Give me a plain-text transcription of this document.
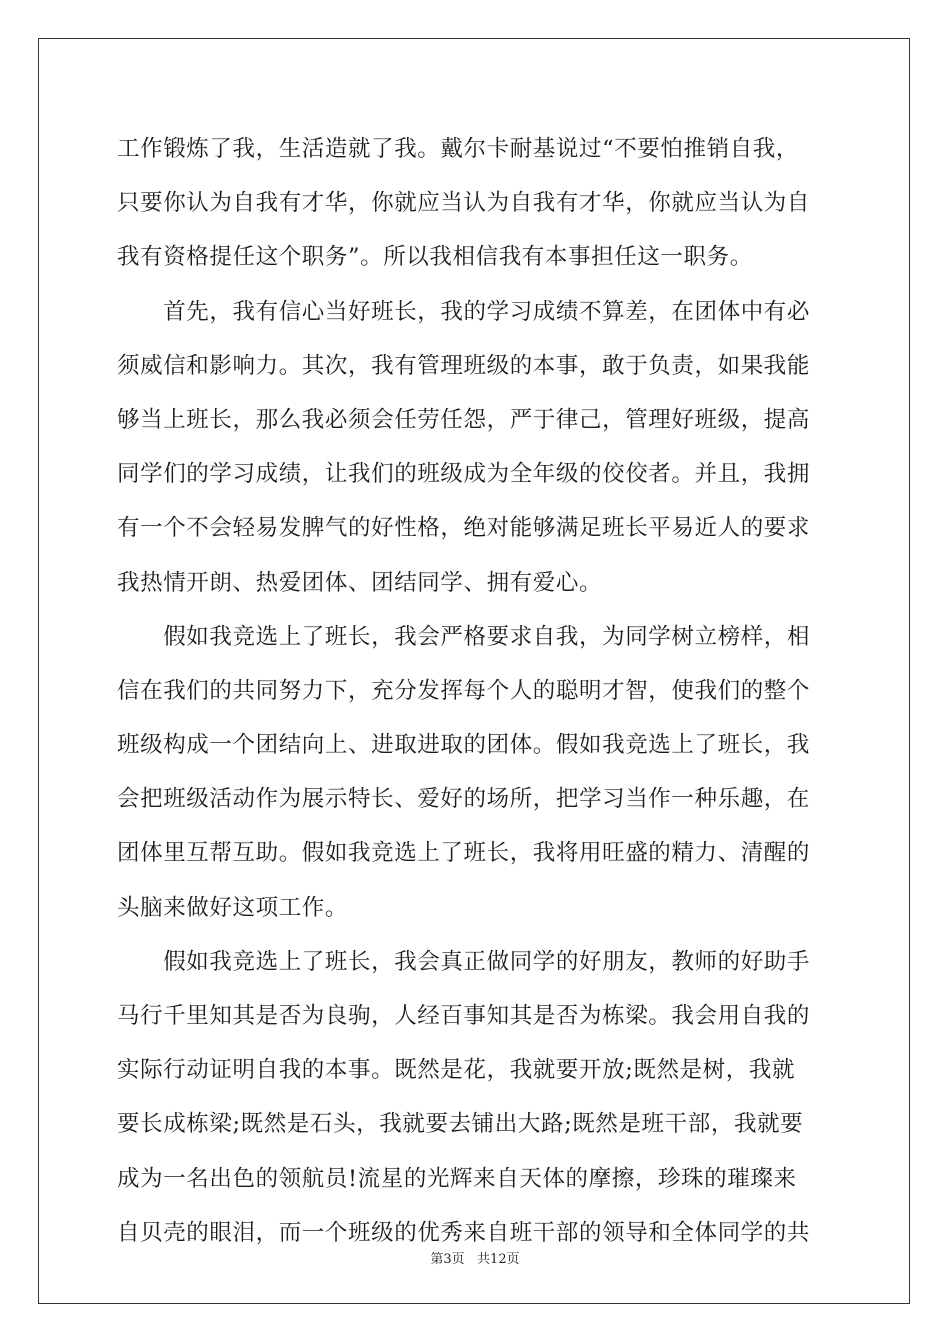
工作锻炼了我，生活造就了我。戴尔卡耐基说过“不要怕推销自我，
只要你认为自我有才华，你就应当认为自我有才华，你就应当认为自
我有资格提任这个职务”。所以我相信我有本事担任这一职务。
　　首先，我有信心当好班长，我的学习成绩不算差，在团体中有必
须威信和影响力。其次，我有管理班级的本事，敢于负责，如果我能
够当上班长，那么我必须会任劳任怨，严于律己，管理好班级，提高
同学们的学习成绩，让我们的班级成为全年级的佼佼者。并且，我拥
有一个不会轻易发脾气的好性格，绝对能够满足班长平易近人的要求
我热情开朗、热爱团体、团结同学、拥有爱心。
　　假如我竞选上了班长，我会严格要求自我，为同学树立榜样，相
信在我们的共同努力下，充分发挥每个人的聪明才智，使我们的整个
班级构成一个团结向上、进取进取的团体。假如我竞选上了班长，我
会把班级活动作为展示特长、爱好的场所，把学习当作一种乐趣，在
团体里互帮互助。假如我竞选上了班长，我将用旺盛的精力、清醒的
头脑来做好这项工作。
　　假如我竞选上了班长，我会真正做同学的好朋友，教师的好助手
马行千里知其是否为良驹，人经百事知其是否为栋梁。我会用自我的
实际行动证明自我的本事。既然是花，我就要开放;既然是树，我就
要长成栋梁;既然是石头，我就要去铺出大路;既然是班干部，我就要
成为一名出色的领航员!流星的光辉来自天体的摩擦，珍珠的璀璨来
自贝壳的眼泪，而一个班级的优秀来自班干部的领导和全体同学的共
第3页   共12页
